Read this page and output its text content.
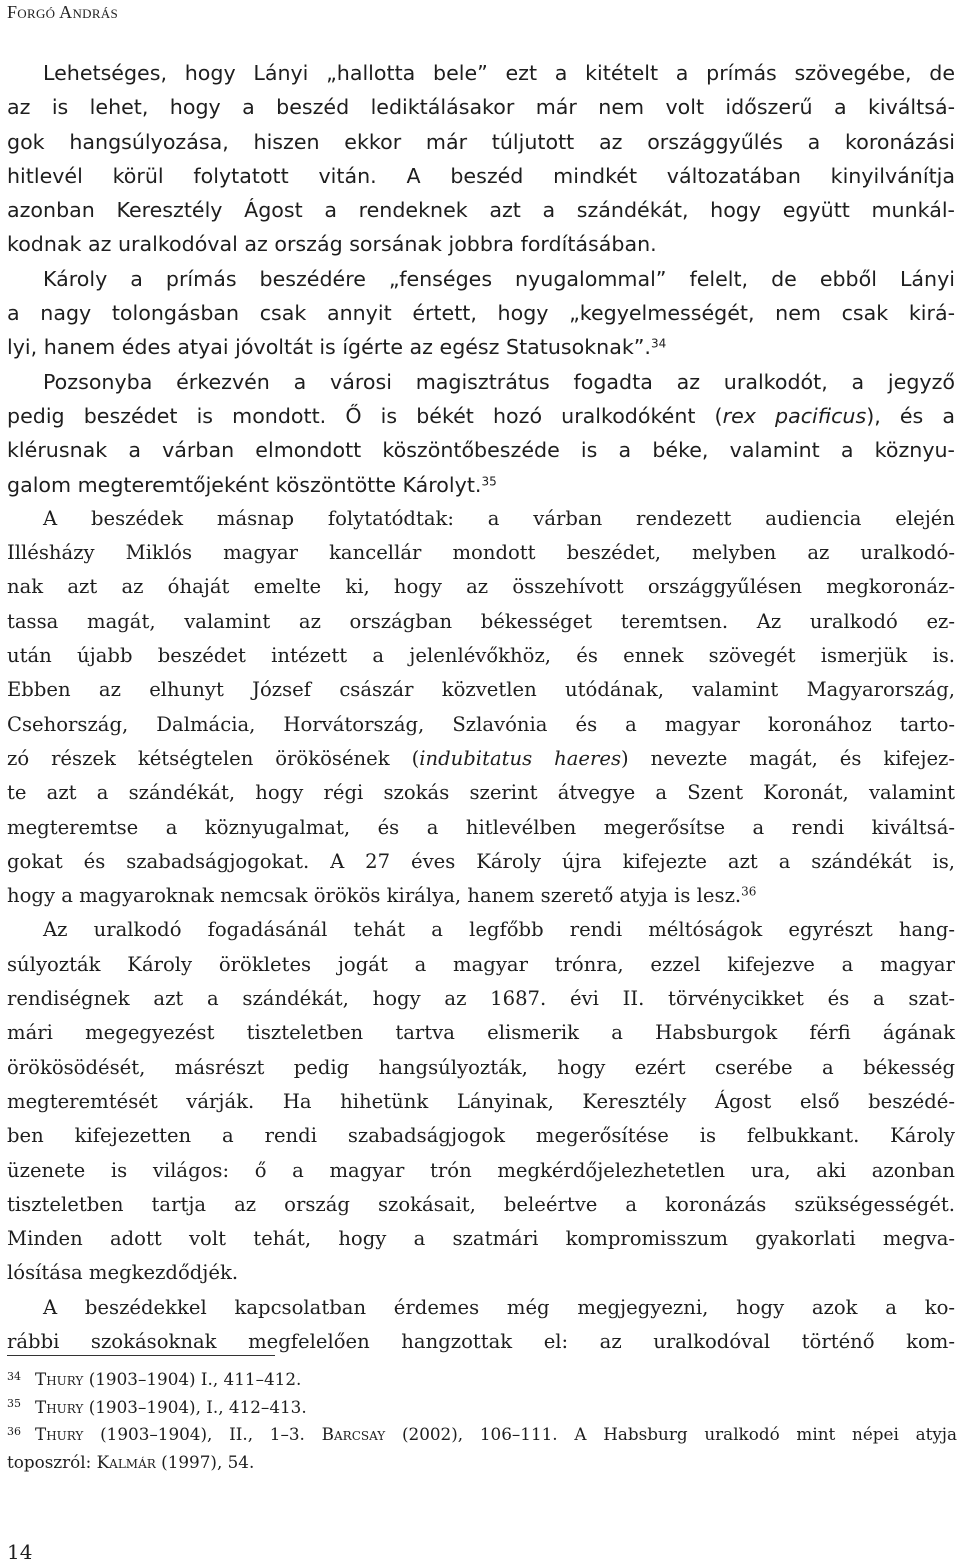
Forgó András
Lehetséges, hogy Lányi „hallotta bele” ezt a kitételt a prímás szövegébe, de
az is lehet, hogy a beszéd lediktálásakor már nem volt időszerű a kiváltsá-
gok hangsúlyozása, hiszen ekkor már túljutott az országgyűlés a koronázási
hitlevél körül folytatott vitán. A beszéd mindkét változatában kinyilvánítja
azonban Keresztély Ágost a rendeknek azt a szándékát, hogy együtt munkál-
kodnak az uralkodóval az ország sorsának jobbra fordításában.
Károly a prímás beszédére „fenséges nyugalommal” felelt, de ebből Lányi
a nagy tolongásban csak annyit értett, hogy „kegyelmességét, nem csak kirá-
lyi, hanem édes atyai jóvoltát is ígérte az egész Statusoknak”.$^{34}$
Pozsonyba érkezvén a városi magisztrátus fogadta az uralkodót, a jegyző
pedig beszédet is mondott. Ő is békét hozó uralkodóként (rex pacificus), és a
klérusnak a várban elmondott köszöntőbeszéde is a béke, valamint a köznyu-
galom megteremtőjeként köszöntötte Károlyt.$^{35}$
A beszédek másnap folytatódtak: a várban rendezett audiencia elején
Illésházy Miklós magyar kancellár mondott beszédet, melyben az uralkodó-
nak azt az óhaját emelte ki, hogy az összehívott országgyűlésen megkoronáz-
tassa magát, valamint az országban békességet teremtsen. Az uralkodó ez-
után újabb beszédet intézett a jelenlévőkhöz, és ennek szövegét ismerjük is.
Ebben az elhunyt József császár közvetlen utódának, valamint Magyarország,
Csehország, Dalmácia, Horvátország, Szlavónia és a magyar koronához tarto-
zó részek kétségtelen örökösének (indubitatus haeres) nevezte magát, és kifejez-
te azt a szándékát, hogy régi szokás szerint átvegye a Szent Koronát, valamint
megteremtse a köznyugalmat, és a hitlevélben megerősítse a rendi kiváltsá-
gokat és szabadságjogokat. A 27 éves Károly újra kifejezte azt a szándékát is,
hogy a magyaroknak nemcsak örökös királya, hanem szerető atyja is lesz.$^{36}$
Az uralkodó fogadásánál tehát a legfőbb rendi méltóságok egyrészt hang-
súlyozták Károly örökletes jogát a magyar trónra, ezzel kifejezve a magyar
rendiségnek azt a szándékát, hogy az 1687. évi II. törvénycikket és a szat-
mári megegyezést tiszteletben tartva elismerik a Habsburgok férfi ágának
örökösödését, másrészt pedig hangsúlyozták, hogy ezért cserébe a békesség
megteremtését várják. Ha hihetünk Lányinak, Keresztély Ágost első beszédé-
ben kifejezetten a rendi szabadságjogok megerősítése is felbukkant. Károly
üzenete is világos: ő a magyar trón megkérdőjelezhetetlen ura, aki azonban
tiszteletben tartja az ország szokásait, beleértve a koronázás szükségességét.
Minden adott volt tehát, hogy a szatmári kompromisszum gyakorlati megva-
lósítása megkezdődjék.
A beszédekkel kapcsolatban érdemes még megjegyezni, hogy azok a ko-
rábbi szokásoknak megfelelően hangzottak el: az uralkodóval történő kom-
$^{34}$ Thury (1903–1904) I., 411–412.
$^{35}$ Thury (1903–1904), I., 412–413.
$^{36}$ Thury (1903–1904), II., 1–3. Barcsay (2002), 106–111. A Habsburg uralkodó mint népei atyja
toposzról: Kalmár (1997), 54.
14
